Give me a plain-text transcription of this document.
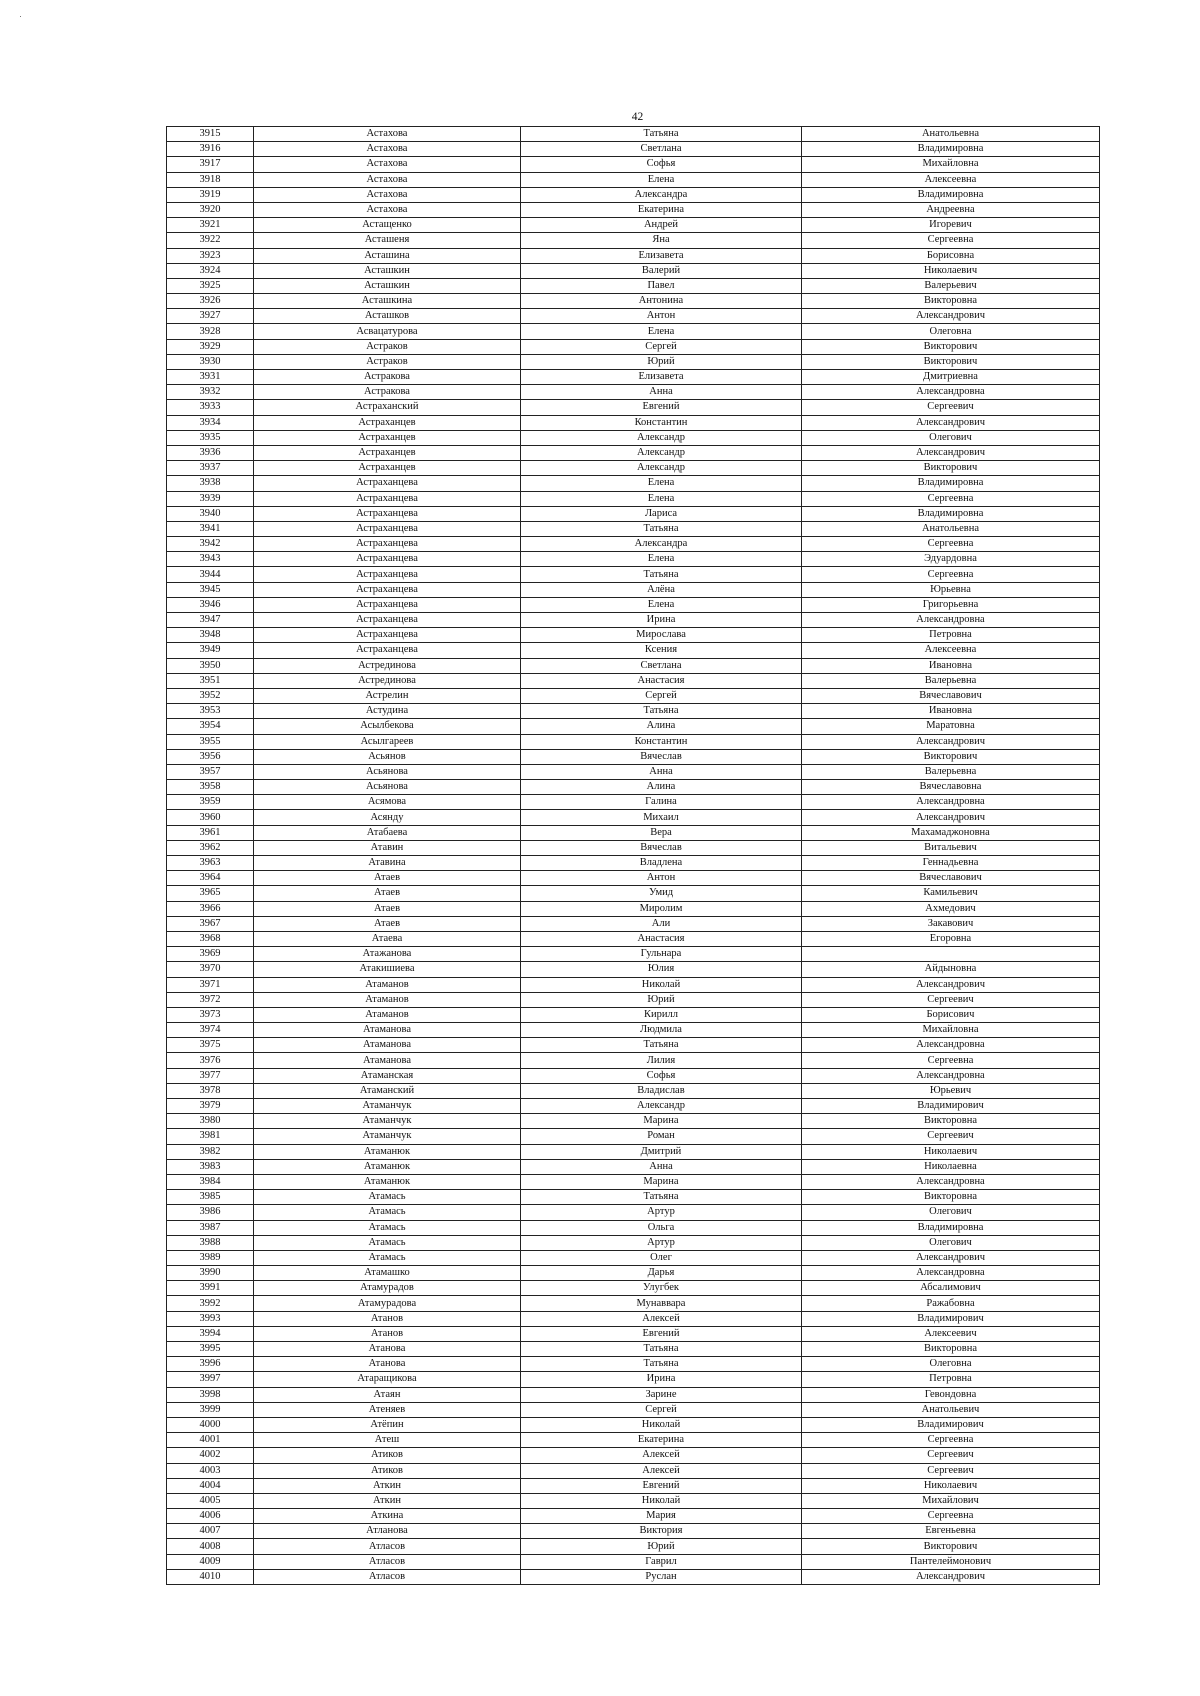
42
3915	Астахова	Татьяна	Анатольевна
3916	Астахова	Светлана	Владимировна
3917	Астахова	Софья	Михайловна
3918	Астахова	Елена	Алексеевна
3919	Астахова	Александра	Владимировна
3920	Астахова	Екатерина	Андреевна
3921	Астащенко	Андрей	Игоревич
3922	Асташеня	Яна	Сергеевна
3923	Асташина	Елизавета	Борисовна
3924	Асташкин	Валерий	Николаевич
3925	Асташкин	Павел	Валерьевич
3926	Асташкина	Антонина	Викторовна
3927	Асташков	Антон	Александрович
3928	Асвацатурова	Елена	Олеговна
3929	Астраков	Сергей	Викторович
3930	Астраков	Юрий	Викторович
3931	Астракова	Елизавета	Дмитриевна
3932	Астракова	Анна	Александровна
3933	Астраханский	Евгений	Сергеевич
3934	Астраханцев	Константин	Александрович
3935	Астраханцев	Александр	Олегович
3936	Астраханцев	Александр	Александрович
3937	Астраханцев	Александр	Викторович
3938	Астраханцева	Елена	Владимировна
3939	Астраханцева	Елена	Сергеевна
3940	Астраханцева	Лариса	Владимировна
3941	Астраханцева	Татьяна	Анатольевна
3942	Астраханцева	Александра	Сергеевна
3943	Астраханцева	Елена	Эдуардовна
3944	Астраханцева	Татьяна	Сергеевна
3945	Астраханцева	Алёна	Юрьевна
3946	Астраханцева	Елена	Григорьевна
3947	Астраханцева	Ирина	Александровна
3948	Астраханцева	Мирослава	Петровна
3949	Астраханцева	Ксения	Алексеевна
3950	Астрединова	Светлана	Ивановна
3951	Астрединова	Анастасия	Валерьевна
3952	Астрелин	Сергей	Вячеславович
3953	Астудина	Татьяна	Ивановна
3954	Асылбекова	Алина	Маратовна
3955	Асылгареев	Константин	Александрович
3956	Асьянов	Вячеслав	Викторович
3957	Асьянова	Анна	Валерьевна
3958	Асьянова	Алина	Вячеславовна
3959	Асямова	Галина	Александровна
3960	Асянду	Михаил	Александрович
3961	Атабаева	Вера	Махамаджоновна
3962	Атавин	Вячеслав	Витальевич
3963	Атавина	Владлена	Геннадьевна
3964	Атаев	Антон	Вячеславович
3965	Атаев	Умид	Камильевич
3966	Атаев	Миролим	Ахмедович
3967	Атаев	Али	Закавович
3968	Атаева	Анастасия	Егоровна
3969	Атажанова	Гульнара	
3970	Атакишиева	Юлия	Айдыновна
3971	Атаманов	Николай	Александрович
3972	Атаманов	Юрий	Сергеевич
3973	Атаманов	Кирилл	Борисович
3974	Атаманова	Людмила	Михайловна
3975	Атаманова	Татьяна	Александровна
3976	Атаманова	Лилия	Сергеевна
3977	Атаманская	Софья	Александровна
3978	Атаманский	Владислав	Юрьевич
3979	Атаманчук	Александр	Владимирович
3980	Атаманчук	Марина	Викторовна
3981	Атаманчук	Роман	Сергеевич
3982	Атаманюк	Дмитрий	Николаевич
3983	Атаманюк	Анна	Николаевна
3984	Атаманюк	Марина	Александровна
3985	Атамась	Татьяна	Викторовна
3986	Атамась	Артур	Олегович
3987	Атамась	Ольга	Владимировна
3988	Атамась	Артур	Олегович
3989	Атамась	Олег	Александрович
3990	Атамашко	Дарья	Александровна
3991	Атамурадов	Улугбек	Абсалимович
3992	Атамурадова	Мунаввара	Ражабовна
3993	Атанов	Алексей	Владимирович
3994	Атанов	Евгений	Алексеевич
3995	Атанова	Татьяна	Викторовна
3996	Атанова	Татьяна	Олеговна
3997	Атаращикова	Ирина	Петровна
3998	Атаян	Зарине	Гевондовна
3999	Атеняев	Сергей	Анатольевич
4000	Атёпин	Николай	Владимирович
4001	Атеш	Екатерина	Сергеевна
4002	Атиков	Алексей	Сергеевич
4003	Атиков	Алексей	Сергеевич
4004	Аткин	Евгений	Николаевич
4005	Аткин	Николай	Михайлович
4006	Аткина	Мария	Сергеевна
4007	Атланова	Виктория	Евгеньевна
4008	Атласов	Юрий	Викторович
4009	Атласов	Гаврил	Пантелеймонович
4010	Атласов	Руслан	Александрович
